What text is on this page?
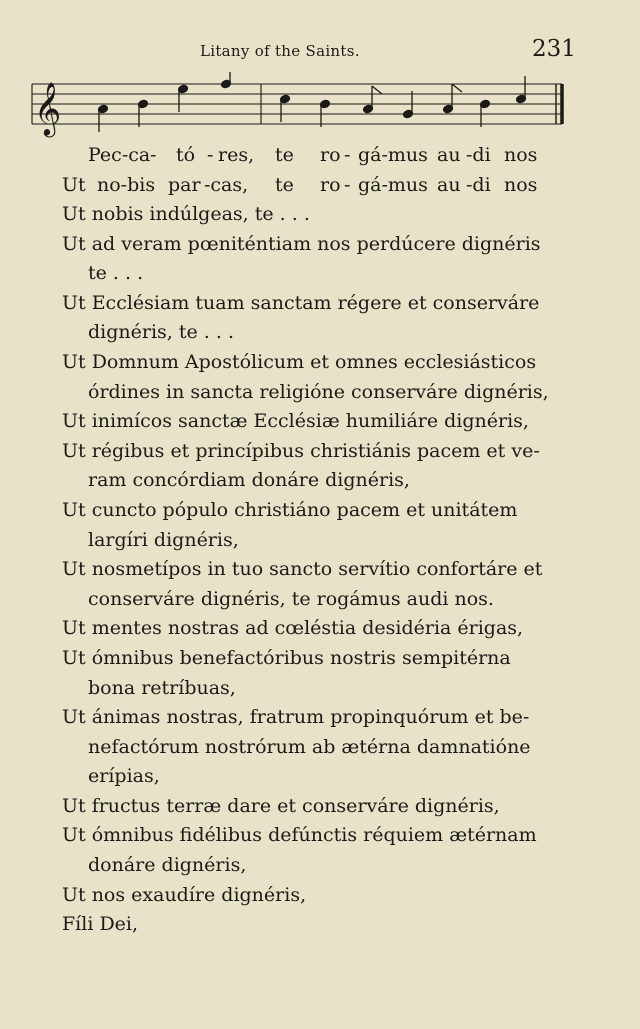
Litany of the Saints.	231
𝄞
Pec-ca - tó - res, te ro - gá-mus au -di nos
Ut no-bis par -cas, te ro - gá-mus au -di nos

Ut nobis indúlgeas, te . . .

Ut ad veram pœniténtiam nos perdúcere dignéris

te . . .

Ut Ecclésiam tuam sanctam régere et conserváre

dignéris, te . . .

Ut Domnum Apostólicum et omnes ecclesiásticos

órdines in sancta religióne conserváre dignéris,

Ut inimícos sanctæ Ecclésiæ humiliáre dignéris,

Ut régibus et princípibus christiánis pacem et ve-

ram concórdiam donáre dignéris,

Ut cuncto pópulo christiáno pacem et unitátem

largíri dignéris,

Ut nosmetípos in tuo sancto servítio confortáre et

conserváre dignéris, te rogámus audi nos.

Ut mentes nostras ad cœléstia desidéria érigas,

Ut ómnibus benefactóribus nostris sempitérna

bona retríbuas,

Ut ánimas nostras, fratrum propinquórum et be-

nefactórum nostrórum ab ætérna damnatióne

erípias,

Ut fructus terræ dare et conserváre dignéris,

Ut ómnibus fidélibus defúnctis réquiem ætérnam

donáre dignéris,

Ut nos exaudíre dignéris,

Fíli Dei,
